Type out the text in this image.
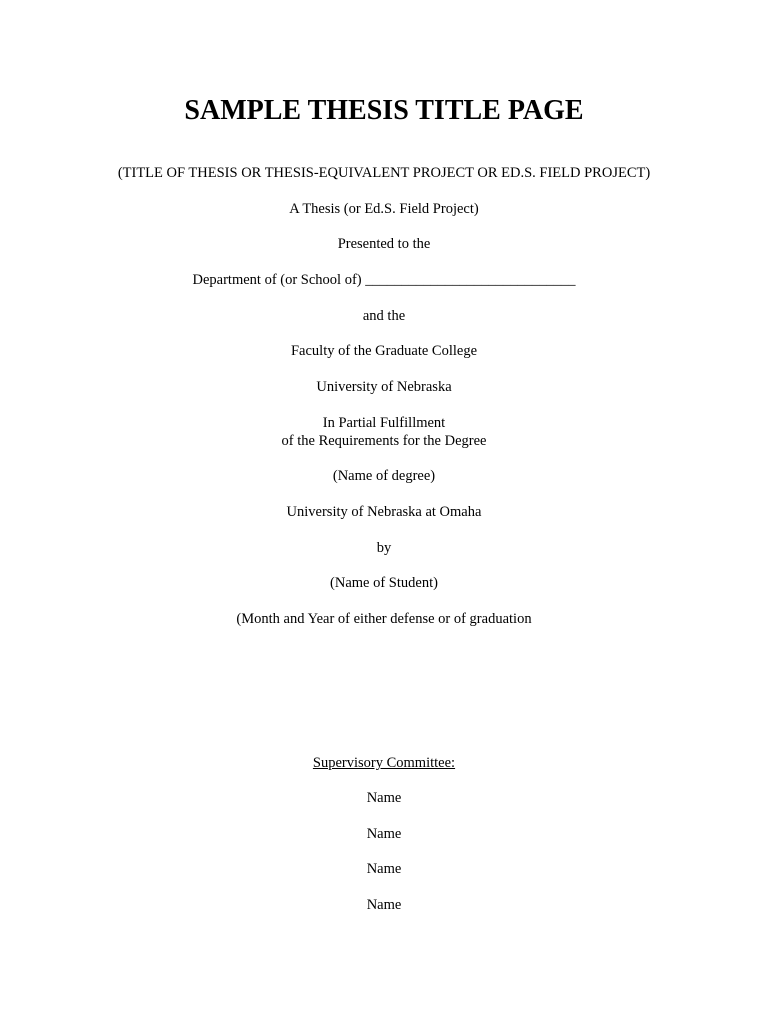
SAMPLE THESIS TITLE PAGE
(TITLE OF THESIS OR THESIS-EQUIVALENT PROJECT OR ED.S. FIELD PROJECT)
A Thesis (or Ed.S. Field Project)
Presented to the
Department of (or School of) _____________________________
and the
Faculty of the Graduate College
University of Nebraska
In Partial Fulfillment
of the Requirements for the Degree
(Name of degree)
University of Nebraska at Omaha
by
(Name of Student)
(Month and Year of either defense or of graduation
Supervisory Committee:
Name
Name
Name
Name
